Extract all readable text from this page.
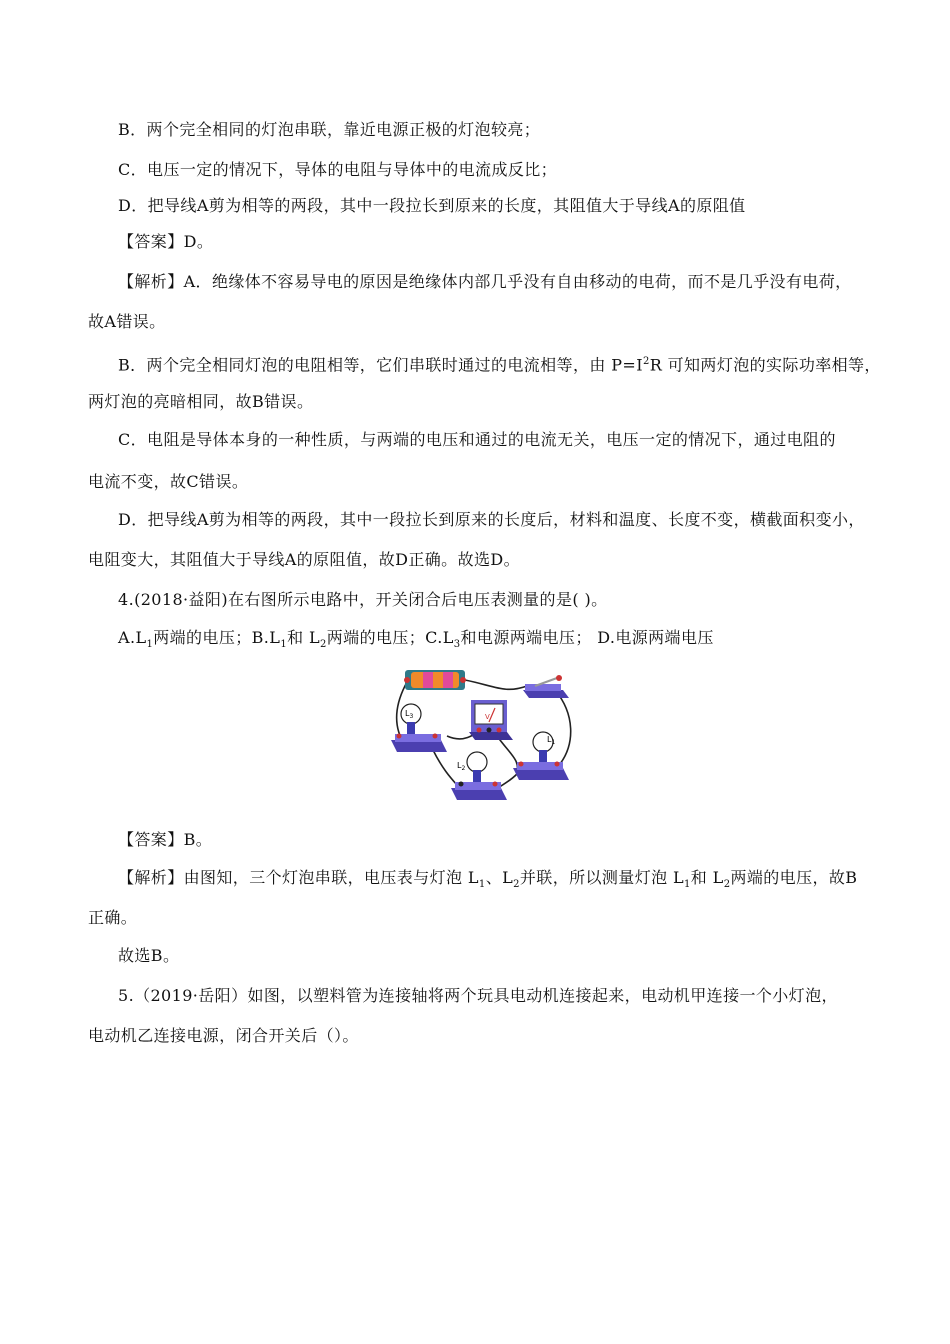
B．两个完全相同的灯泡串联，靠近电源正极的灯泡较亮；
C．电压一定的情况下，导体的电阻与导体中的电流成反比；
D．把导线A剪为相等的两段，其中一段拉长到原来的长度，其阻值大于导线A的原阻值
【答案】D。
【解析】A．绝缘体不容易导电的原因是绝缘体内部几乎没有自由移动的电荷，而不是几乎没有电荷，
故A错误。
B．两个完全相同灯泡的电阻相等，它们串联时通过的电流相等，由 $P=I^2R$ 可知两灯泡的实际功率相等，
两灯泡的亮暗相同，故B错误。
C．电阻是导体本身的一种性质，与两端的电压和通过的电流无关，电压一定的情况下，通过电阻的
电流不变，故C错误。
D．把导线A剪为相等的两段，其中一段拉长到原来的长度后，材料和温度、长度不变，横截面积变小，
电阻变大，其阻值大于导线A的原阻值，故D正确。故选D。
4.(2018·益阳)在右图所示电路中，开关闭合后电压表测量的是( )。
$A.L_1$两端的电压；$B.L_1$和 $L_2$两端的电压；$C.L_3$和电源两端电压； D.电源两端电压
V
$L_3$
$L_1$
$L_2$
【答案】B。
【解析】由图知，三个灯泡串联，电压表与灯泡 $L_1$、$L_2$并联，所以测量灯泡 $L_1$和 $L_2$两端的电压，故B
正确。
故选B。
5.（2019·岳阳）如图，以塑料管为连接轴将两个玩具电动机连接起来，电动机甲连接一个小灯泡，
电动机乙连接电源，闭合开关后（）。
